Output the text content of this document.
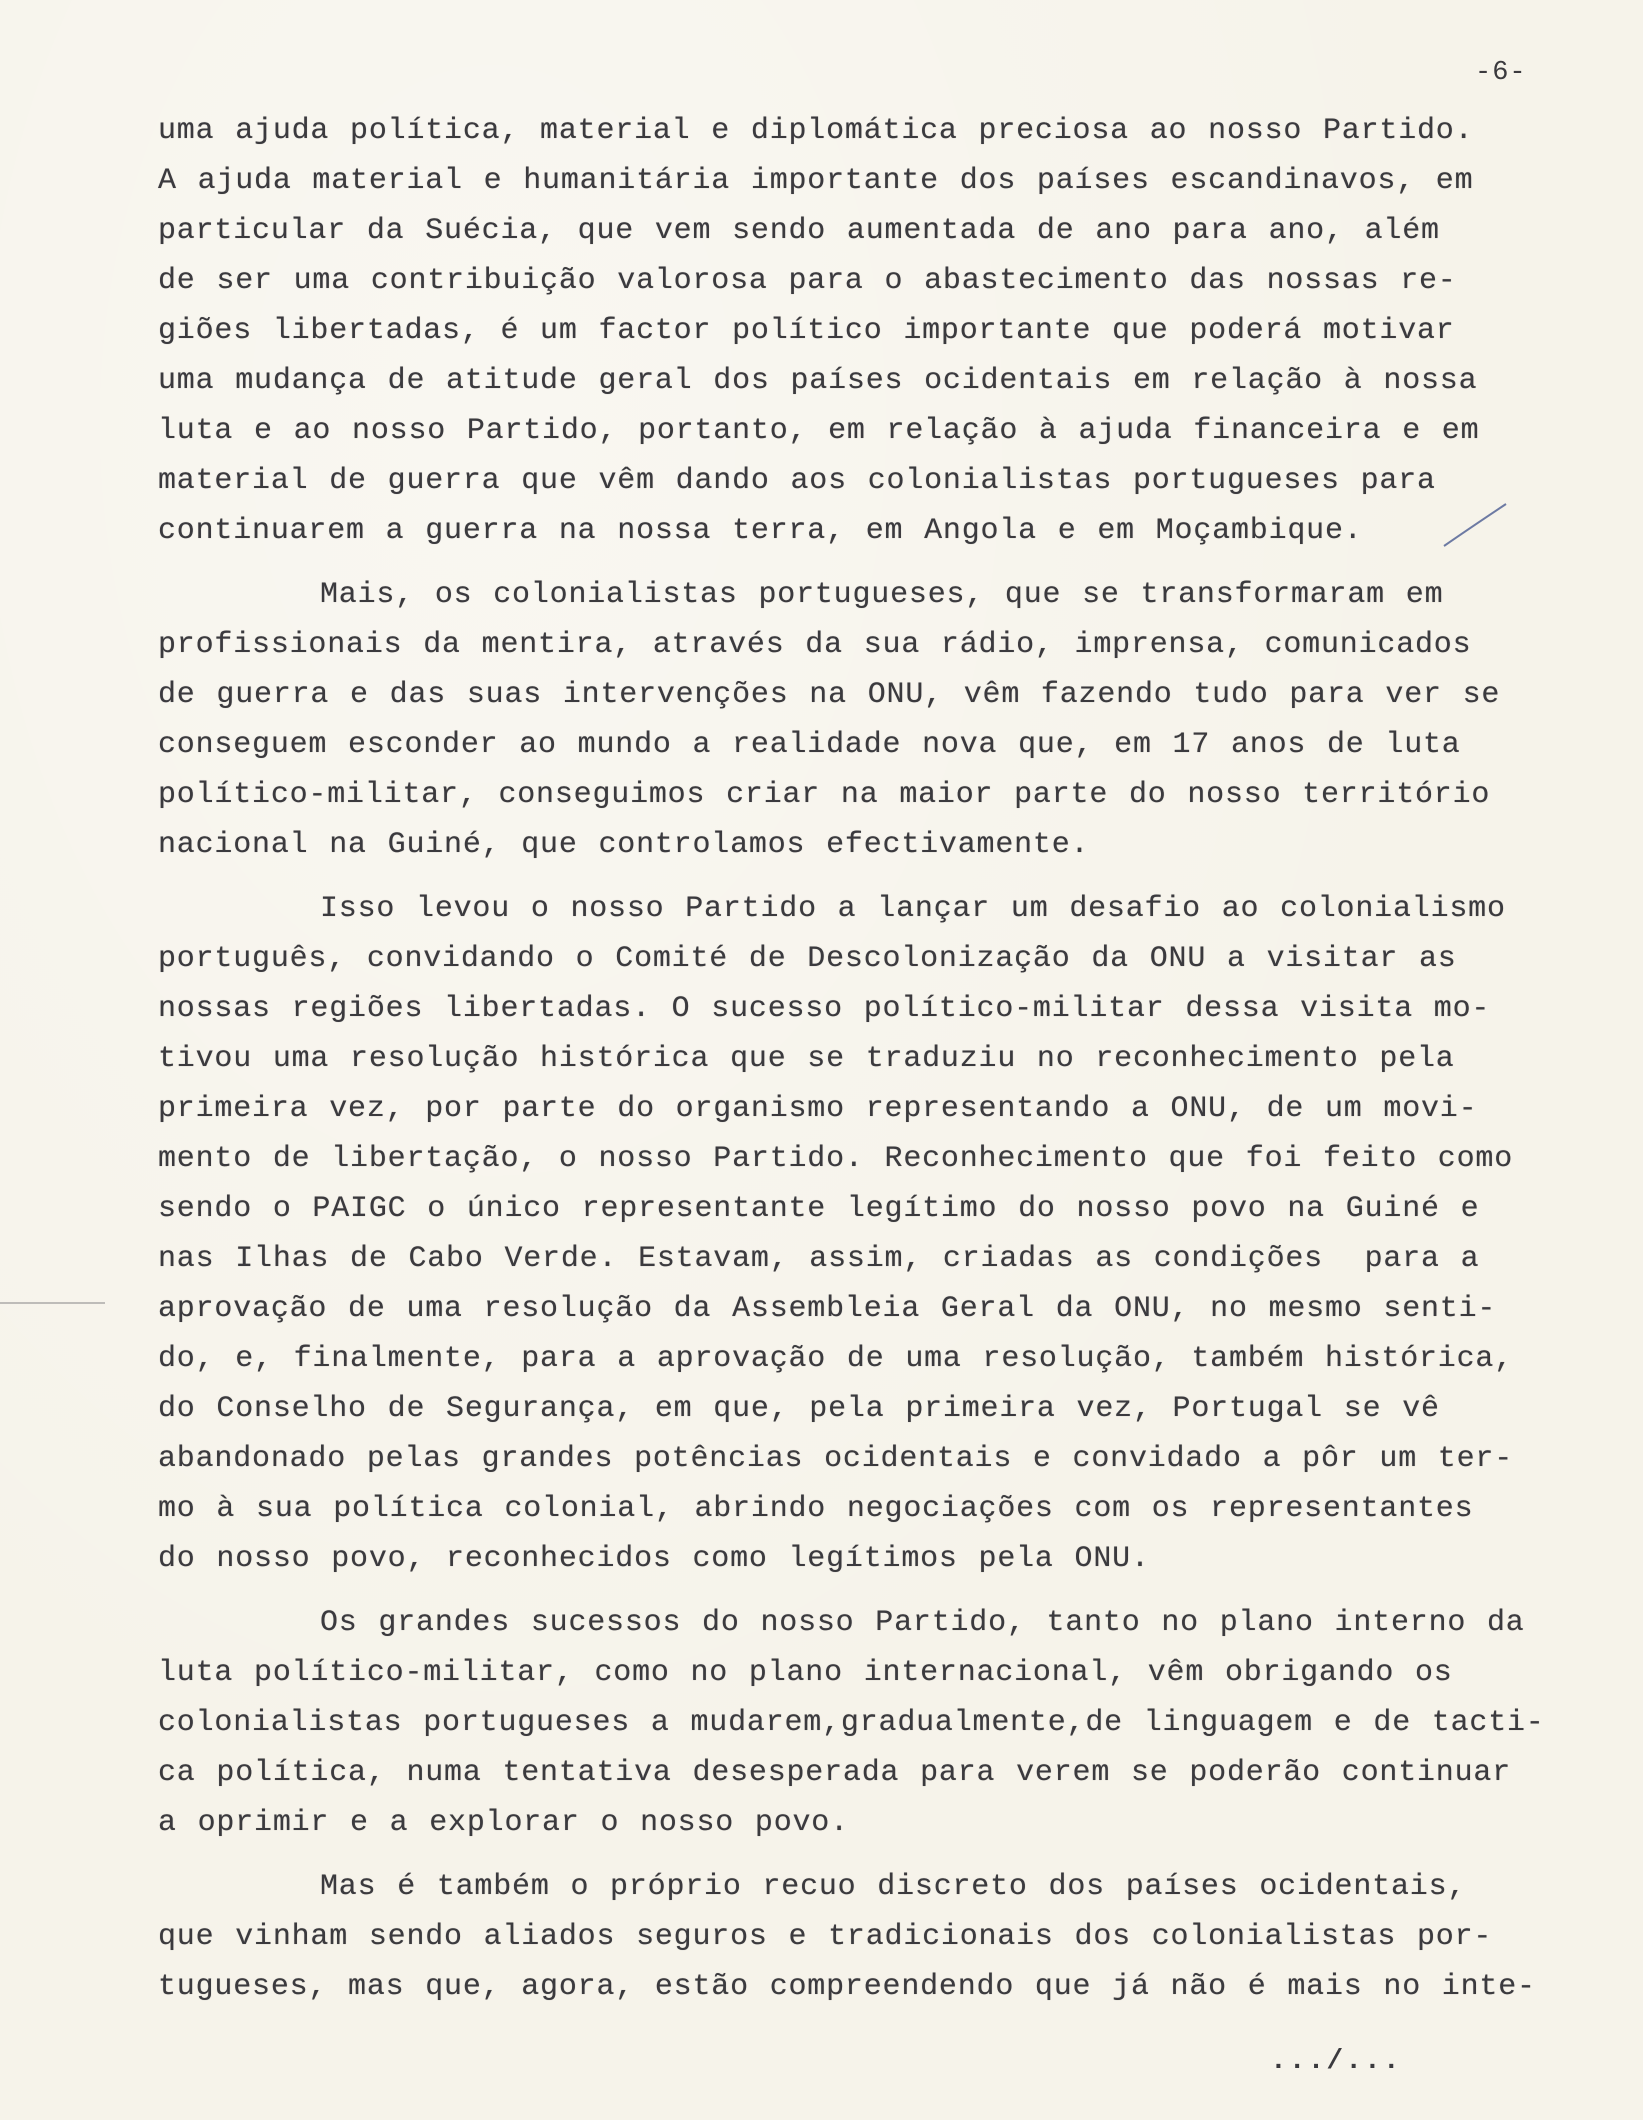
-6-
uma ajuda política, material e diplomática preciosa ao nosso Partido.
A ajuda material e humanitária importante dos países escandinavos, em
particular da Suécia, que vem sendo aumentada de ano para ano, além
de ser uma contribuição valorosa para o abastecimento das nossas re-
giões libertadas, é um factor político importante que poderá motivar
uma mudança de atitude geral dos países ocidentais em relação à nossa
luta e ao nosso Partido, portanto, em relação à ajuda financeira e em
material de guerra que vêm dando aos colonialistas portugueses para
continuarem a guerra na nossa terra, em Angola e em Moçambique.
Mais, os colonialistas portugueses, que se transformaram em
profissionais da mentira, através da sua rádio, imprensa, comunicados
de guerra e das suas intervenções na ONU, vêm fazendo tudo para ver se
conseguem esconder ao mundo a realidade nova que, em 17 anos de luta
político-militar, conseguimos criar na maior parte do nosso território
nacional na Guiné, que controlamos efectivamente.
Isso levou o nosso Partido a lançar um desafio ao colonialismo
português, convidando o Comité de Descolonização da ONU a visitar as
nossas regiões libertadas. O sucesso político-militar dessa visita mo-
tivou uma resolução histórica que se traduziu no reconhecimento pela
primeira vez, por parte do organismo representando a ONU, de um movi-
mento de libertação, o nosso Partido. Reconhecimento que foi feito como
sendo o PAIGC o único representante legítimo do nosso povo na Guiné e
nas Ilhas de Cabo Verde. Estavam, assim, criadas as condições  para a
aprovação de uma resolução da Assembleia Geral da ONU, no mesmo senti-
do, e, finalmente, para a aprovação de uma resolução, também histórica,
do Conselho de Segurança, em que, pela primeira vez, Portugal se vê
abandonado pelas grandes potências ocidentais e convidado a pôr um ter-
mo à sua política colonial, abrindo negociações com os representantes
do nosso povo, reconhecidos como legítimos pela ONU.
Os grandes sucessos do nosso Partido, tanto no plano interno da
luta político-militar, como no plano internacional, vêm obrigando os
colonialistas portugueses a mudarem,gradualmente,de linguagem e de tacti-
ca política, numa tentativa desesperada para verem se poderão continuar
a oprimir e a explorar o nosso povo.
Mas é também o próprio recuo discreto dos países ocidentais,
que vinham sendo aliados seguros e tradicionais dos colonialistas por-
tugueses, mas que, agora, estão compreendendo que já não é mais no inte-
.../...
